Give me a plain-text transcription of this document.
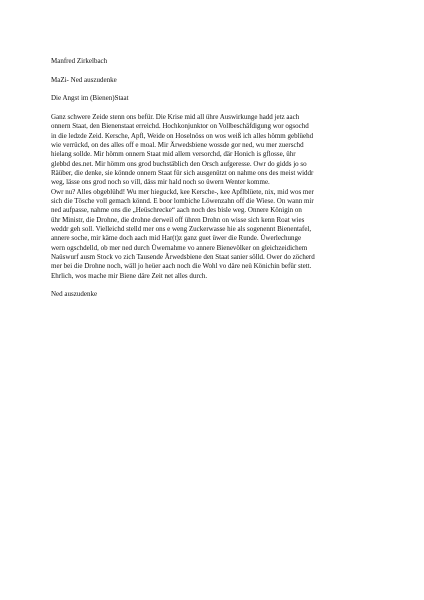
Manfred Zirkelbach
MaZi- Ned auszudenke
Die Angst im (Bienen)Staat
Ganz schwere Zeide stenn ons befür. Die Krise mid all ühre Auswirkunge hadd jetz aach
onnern Staat, den Bienenstaat erreichd. Hochkonjunktor on Vollbeschäfdigung wor ogsochd
in die ledzde Zeid. Kersche, Apfl, Weide on Hoselnöss on wos weiß ich alles hömm geblüehd
wie verrückd, on des alles off e moal. Mir Ärwedsbiene wossde gor ned, wu mer zuerschd
hielang sollde. Mir hömm onnern Staat mid allem versorchd, där Honich is gflosse, ühr
glebbd des.net. Mir hömm ons grod buchstäblich den Orsch aufgeresse. Owr do gidds jo so
Räüber, die denke, sie könnde onnern Staat für sich ausgenützt on nahme ons des meist widdr
weg, lässe ons grod noch so vill, däss mir hald noch so üwern Wenter komme.
Owr nu? Alles obgeblühd! Wu mer hieguckd, kee Kersche-, kee Apflblüete, nix, mid wos mer
sich die Tösche voll gemach könnd. E boor lombiche Löwenzahn off die Wiese. On wann mir
ned aufpasse, nahme ons die „Heüschrecke“ aach noch des bisle weg. Onnere Königin on
ühr Ministr, die Drohne, die drohne derweil off ühren Drohn on wisse sich kenn Roat wies
weddr geh soll. Vielleichd stelld mer ons e weng Zuckerwasse hie als sogenennt Bienentafel,
annere soche, mir käme doch aach mid Har(t)z ganz guet üwer die Runde. Üwerlechunge
wern ogschdelld, ob mer ned durch Üwernahme vo annere Bienevölker on gleichzeidichem
Naüswurf ausm Stock vo zich Tausende Ärwedsbiene den Staat sanier sölld. Ower do zöcherd
mer bei die Drohne noch, wäll jo heüer aach noch die Wohl vo däre neü Könichin befür stett.
Ehrlich, wos mache mir Biene däre Zeit net alles durch.
Ned auszudenke
